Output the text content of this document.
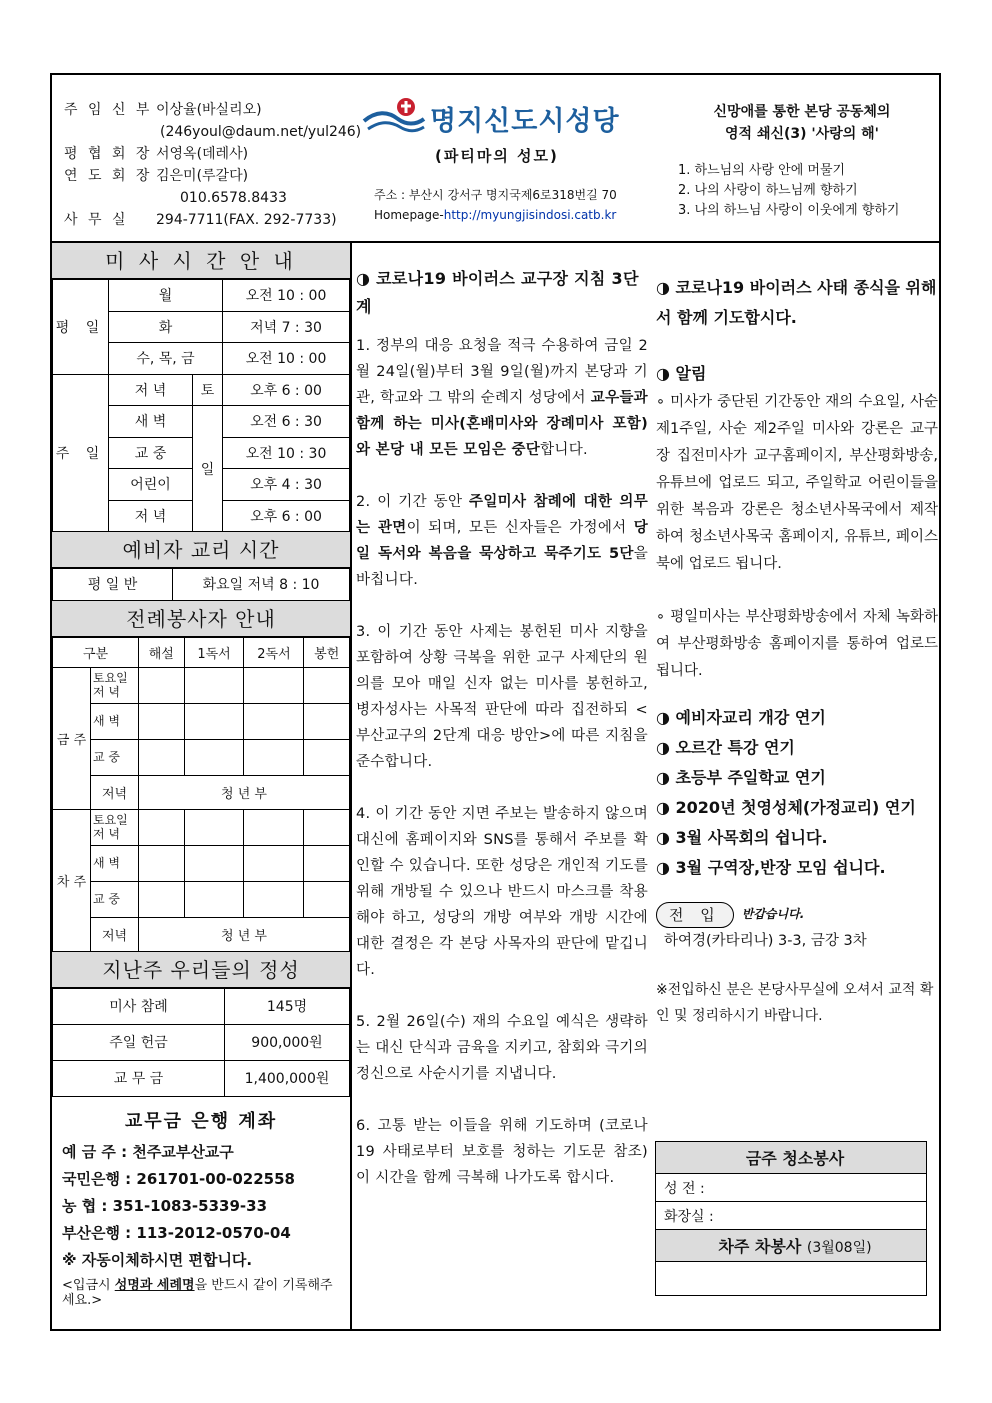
주 임 신 부 이상율(바실리오)
(246youl@daum.net/yul246)
평 협 회 장 서영옥(데레사)
연 도 회 장 김은미(루갈다)
010.6578.8433
사 무 실	294-7711(FAX. 292-7733)
명지신도시성당
(파티마의 성모)
주소 : 부산시 강서구 명지국제6로318번길 70
Homepage-http://myungjisindosi.catb.kr
신망애를 통한 본당 공동체의
영적 쇄신(3) '사랑의 해'
1. 하느님의 사랑 안에 머물기
2. 나의 사랑이 하느님께 향하기
3. 나의 하느님 사랑이 이웃에게 향하기
미 사 시 간 안 내
평 일	월		오전 10 : 00
	화		저녁 7 : 30
	수, 목, 금		오전 10 : 00
주 일	저 녁	토	오후 6 : 00
	새 벽	일	오전 6 : 30
	교 중		오전 10 : 30
	어린이		오후 4 : 30
	저 녁		오후 6 : 00
예비자 교리 시간
평 일 반	화요일 저녁 8 : 10
전례봉사자 안내
구분		해설	1독서	2독서	봉헌
금 주	토요일 저 녁				
	새 벽				
	교 중				
	저녁	청 년 부			
차 주	토요일 저 녁				
	새 벽				
	교 중				
	저녁	청 년 부			
지난주 우리들의 정성
미사 참례	145명
주일 헌금	900,000원
교 무 금	1,400,000원
교무금 은행 계좌
예 금 주 : 천주교부산교구
국민은행 : 261701-00-022558
농 협 : 351-1083-5339-33
부산은행 : 113-2012-0570-04
※ 자동이체하시면 편합니다.
<입금시 성명과 세례명을 반드시 같이 기록해주세요.>
◑ 코로나19 바이러스 교구장 지침 3단계

1. 정부의 대응 요청을 적극 수용하여 금일 2월 24일(월)부터 3월 9일(월)까지 본당과 기관, 학교와 그 밖의 순례지 성당에서 교우들과 함께 하는 미사(혼배미사와 장례미사 포함)와 본당 내 모든 모임은 중단합니다.

2. 이 기간 동안 주일미사 참례에 대한 의무는 관면이 되며, 모든 신자들은 가정에서 당일 독서와 복음을 묵상하고 묵주기도 5단을 바칩니다.

3. 이 기간 동안 사제는 봉헌된 미사 지향을 포함하여 상황 극복을 위한 교구 사제단의 원의를 모아 매일 신자 없는 미사를 봉헌하고, 병자성사는 사목적 판단에 따라 집전하되 <부산교구의 2단계 대응 방안>에 따른 지침을 준수합니다.

4. 이 기간 동안 지면 주보는 발송하지 않으며 대신에 홈페이지와 SNS를 통해서 주보를 확인할 수 있습니다. 또한 성당은 개인적 기도를 위해 개방될 수 있으나 반드시 마스크를 착용해야 하고, 성당의 개방 여부와 개방 시간에 대한 결정은 각 본당 사목자의 판단에 맡깁니다.

5. 2월 26일(수) 재의 수요일 예식은 생략하는 대신 단식과 금육을 지키고, 참회와 극기의 정신으로 사순시기를 지냅니다.

6. 고통 받는 이들을 위해 기도하며 (코로나19 사태로부터 보호를 청하는 기도문 참조) 이 시간을 함께 극복해 나가도록 합시다.

◑ 코로나19 바이러스 사태 종식을 위해서 함께 기도합시다.
◑ 알림

∘ 미사가 중단된 기간동안 재의 수요일, 사순 제1주일, 사순 제2주일 미사와 강론은 교구장 집전미사가 교구홈페이지, 부산평화방송, 유튜브에 업로드 되고, 주일학교 어린이들을 위한 복음과 강론은 청소년사목국에서 제작하여 청소년사목국 홈페이지, 유튜브, 페이스북에 업로드 됩니다.

∘ 평일미사는 부산평화방송에서 자체 녹화하여 부산평화방송 홈페이지를 통하여 업로드 됩니다.

◑ 예비자교리 개강 연기
◑ 오르간 특강 연기
◑ 초등부 주일학교 연기
◑ 2020년 첫영성체(가정교리) 연기
◑ 3월 사목회의 쉽니다.
◑ 3월 구역장,반장 모임 쉽니다.
전 입	반갑습니다.
하여경(카타리나) 3-3, 금강 3차
※전입하신 분은 본당사무실에 오셔서 교적 확인 및 정리하시기 바랍니다.
금주 청소봉사
성 전 :
화장실 :
차주 차봉사 (3월08일)
